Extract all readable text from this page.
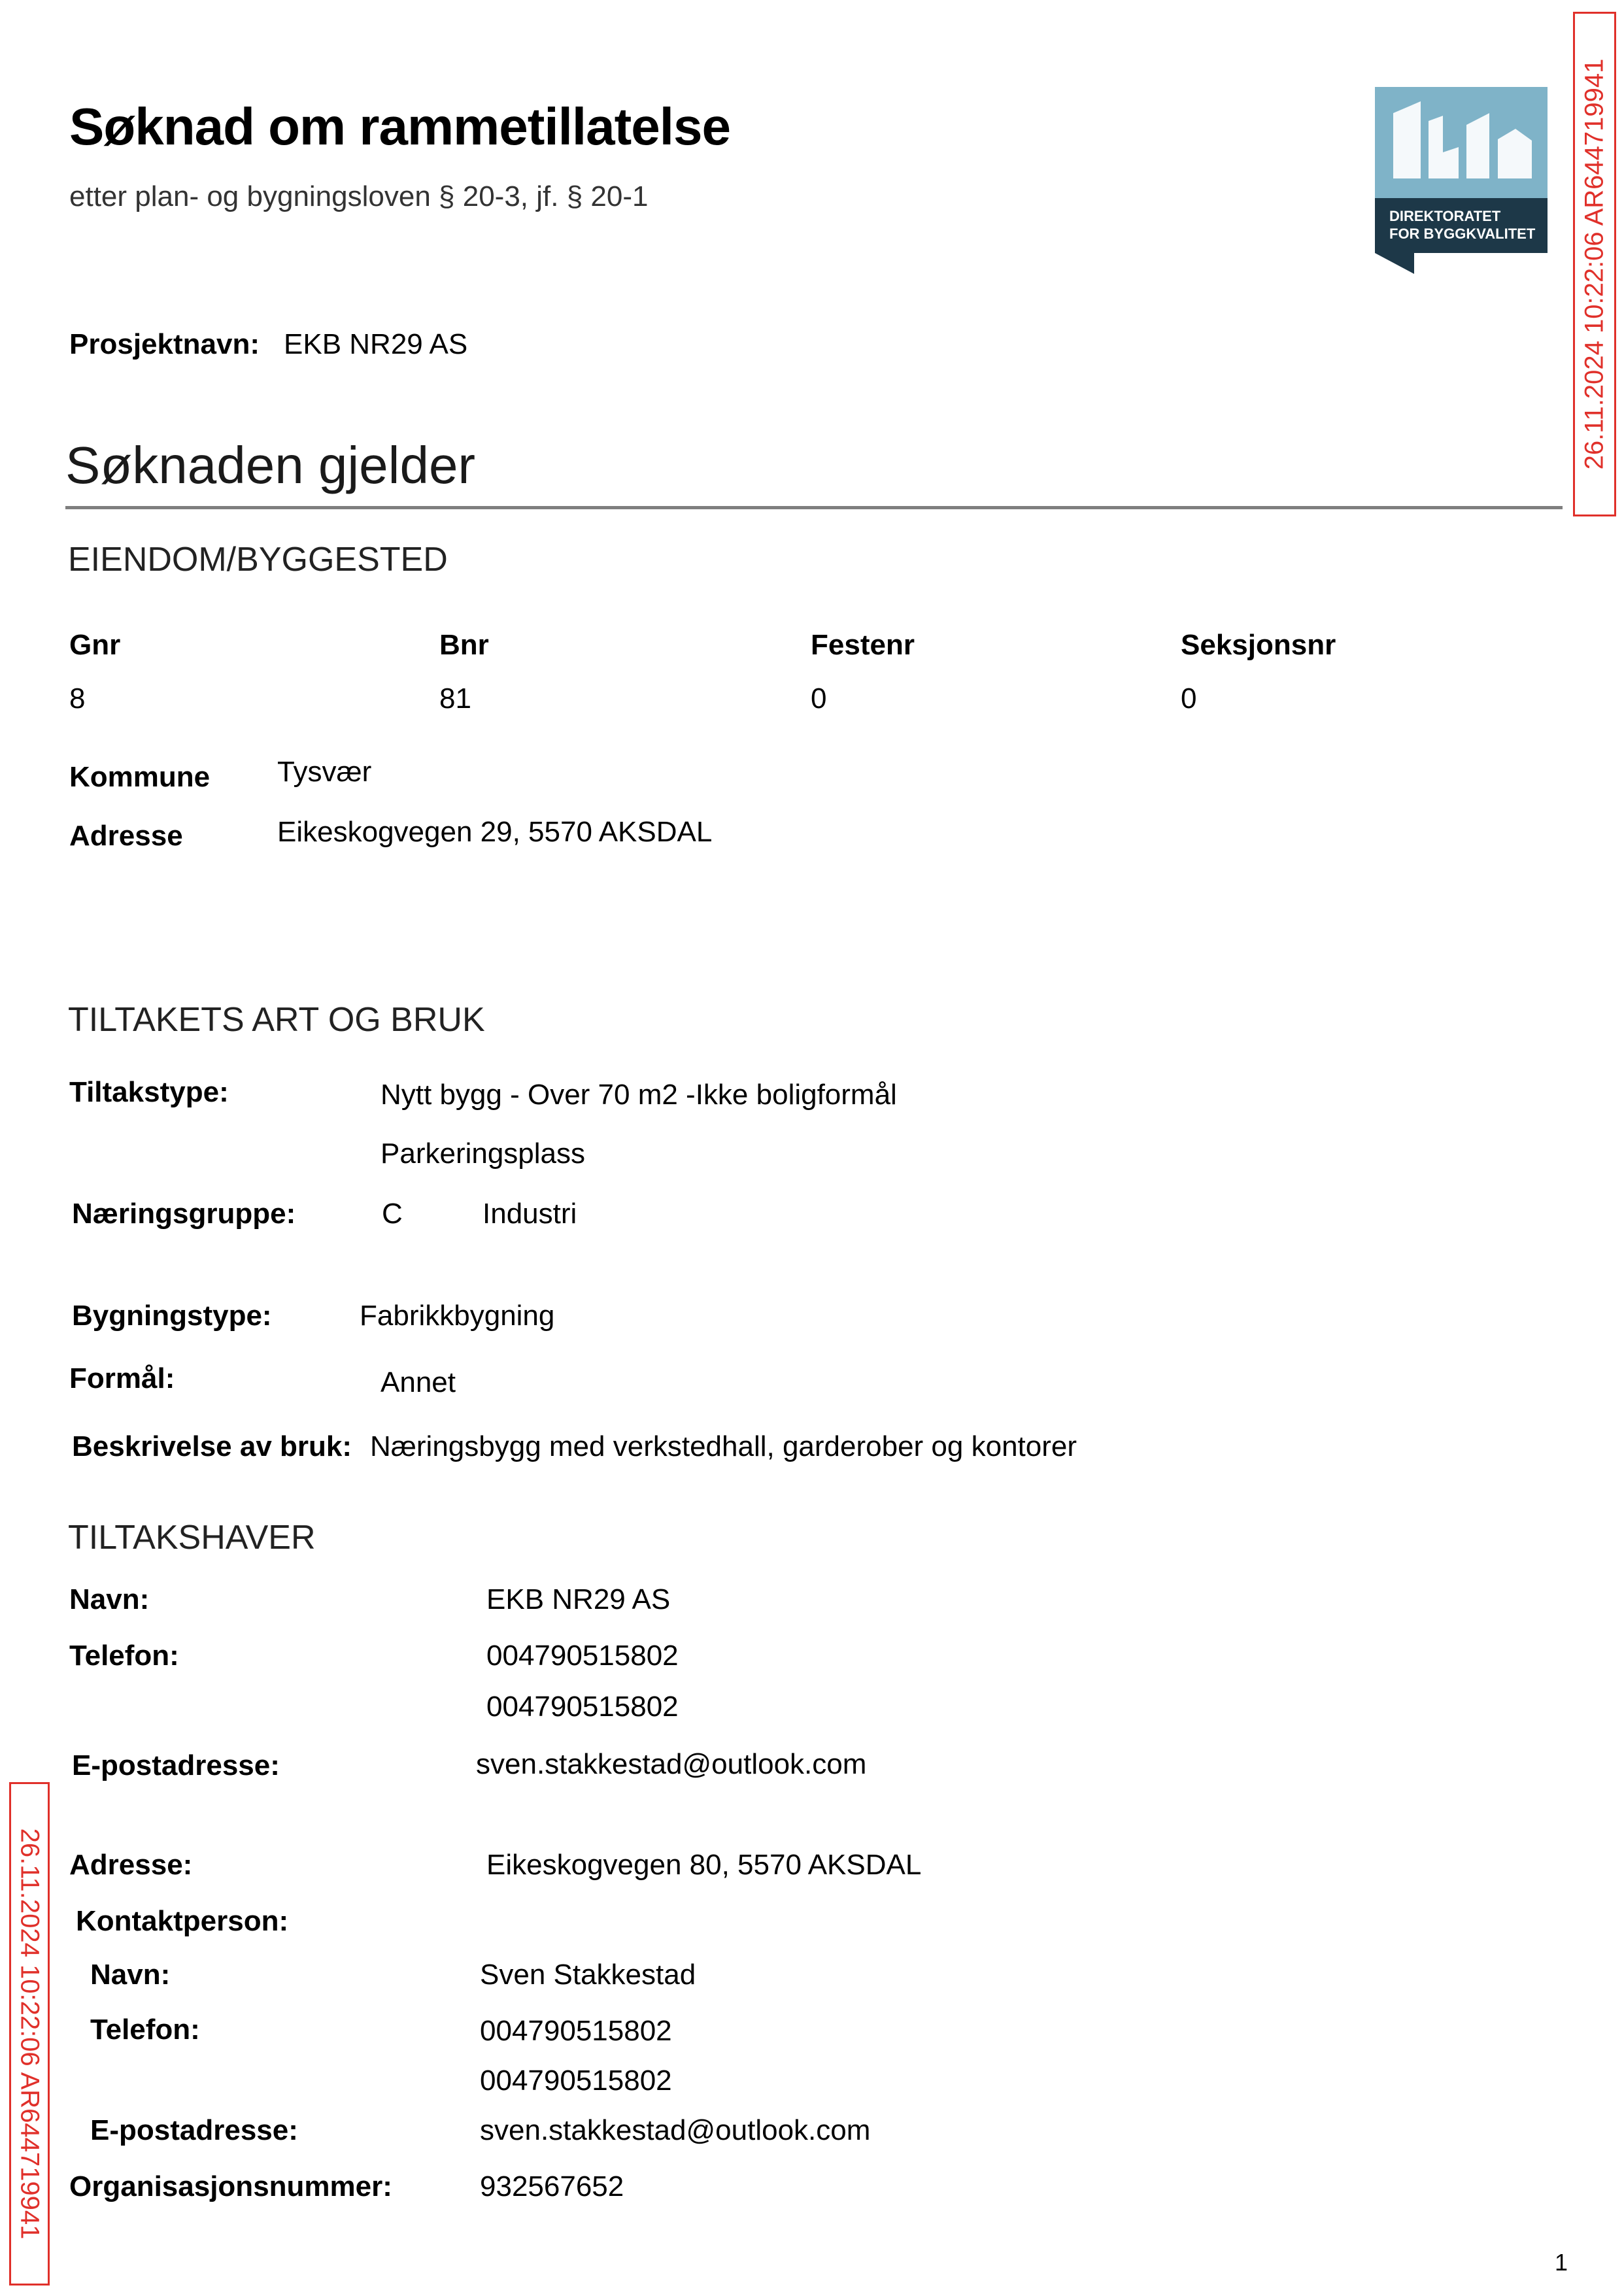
Søknad om rammetillatelse
etter plan- og bygningsloven § 20-3, jf. § 20-1
DIREKTORATET
FOR BYGGKVALITET 26.11.2024 10:22:06 AR644719941
26.11.2024 10:22:06 AR644719941
Prosjektnavn: EKB NR29 AS
Søknaden gjelder
EIENDOM/BYGGESTED
Gnr	Bnr	Festenr	Seksjonsnr
8	81	0	0
Kommune Tysvær
Adresse	Eikeskogvegen 29, 5570 AKSDAL
TILTAKETS ART OG BRUK
Tiltakstype:	Nytt bygg - Over 70 m2 -Ikke boligformål
Parkeringsplass
Næringsgruppe:	C	Industri
Bygningstype:	Fabrikkbygning
Formål:	Annet
Beskrivelse av bruk: Næringsbygg med verkstedhall, garderober og kontorer
TILTAKSHAVER
Navn:	EKB NR29 AS
Telefon:	004790515802
004790515802
E-postadresse:	sven.stakkestad@outlook.com
Adresse:	Eikeskogvegen 80, 5570 AKSDAL
Kontaktperson:
Navn:	Sven Stakkestad
Telefon:	004790515802
004790515802
E-postadresse:	sven.stakkestad@outlook.com
Organisasjonsnummer:	932567652
1
